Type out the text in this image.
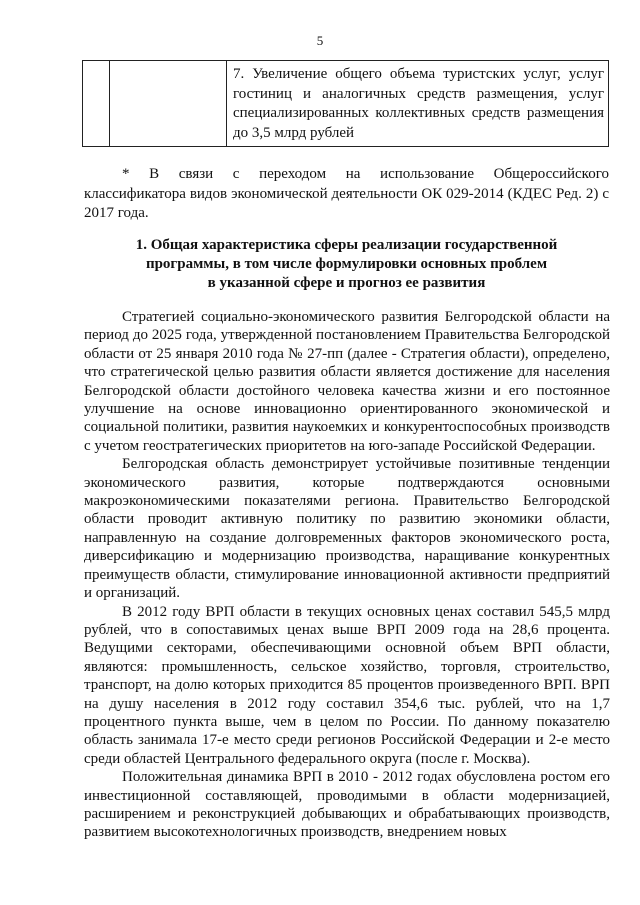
5
		7. Увеличение общего объема туристских услуг, услуг гостиниц и аналогичных средств размещения, услуг специализированных коллективных средств размещения до 3,5 млрд рублей
* В связи с переходом на использование Общероссийского
классификатора видов экономической деятельности ОК 029-2014 (КДЕС Ред. 2) с 2017 года.
1. Общая характеристика сферы реализации государственной
программы, в том числе формулировки основных проблем
в указанной сфере и прогноз ее развития

Стратегией социально-экономического развития Белгородской области на период до 2025 года, утвержденной постановлением Правительства Белгородской области от 25 января 2010 года № 27-пп (далее - Стратегия области), определено, что стратегической целью развития области является достижение для населения Белгородской области достойного человека качества жизни и его постоянное улучшение на основе инновационно ориентированного экономической и социальной политики, развития наукоемких и конкурентоспособных производств с учетом геостратегических приоритетов на юго-западе Российской Федерации.

Белгородская область демонстрирует устойчивые позитивные тенденции экономического развития, которые подтверждаются основными макроэкономическими показателями региона. Правительство Белгородской области проводит активную политику по развитию экономики области, направленную на создание долговременных факторов экономического роста, диверсификацию и модернизацию производства, наращивание конкурентных преимуществ области, стимулирование инновационной активности предприятий и организаций.

В 2012 году ВРП области в текущих основных ценах составил 545,5 млрд рублей, что в сопоставимых ценах выше ВРП 2009 года на 28,6 процента. Ведущими секторами, обеспечивающими основной объем ВРП области, являются: промышленность, сельское хозяйство, торговля, строительство, транспорт, на долю которых приходится 85 процентов произведенного ВРП. ВРП на душу населения в 2012 году составил 354,6 тыс. рублей, что на 1,7 процентного пункта выше, чем в целом по России. По данному показателю область занимала 17-е место среди регионов Российской Федерации и 2-е место среди областей Центрального федерального округа (после г. Москва).

Положительная динамика ВРП в 2010 - 2012 годах обусловлена ростом его инвестиционной составляющей, проводимыми в области модернизацией, расширением и реконструкцией добывающих и обрабатывающих производств, развитием высокотехнологичных производств, внедрением новых
